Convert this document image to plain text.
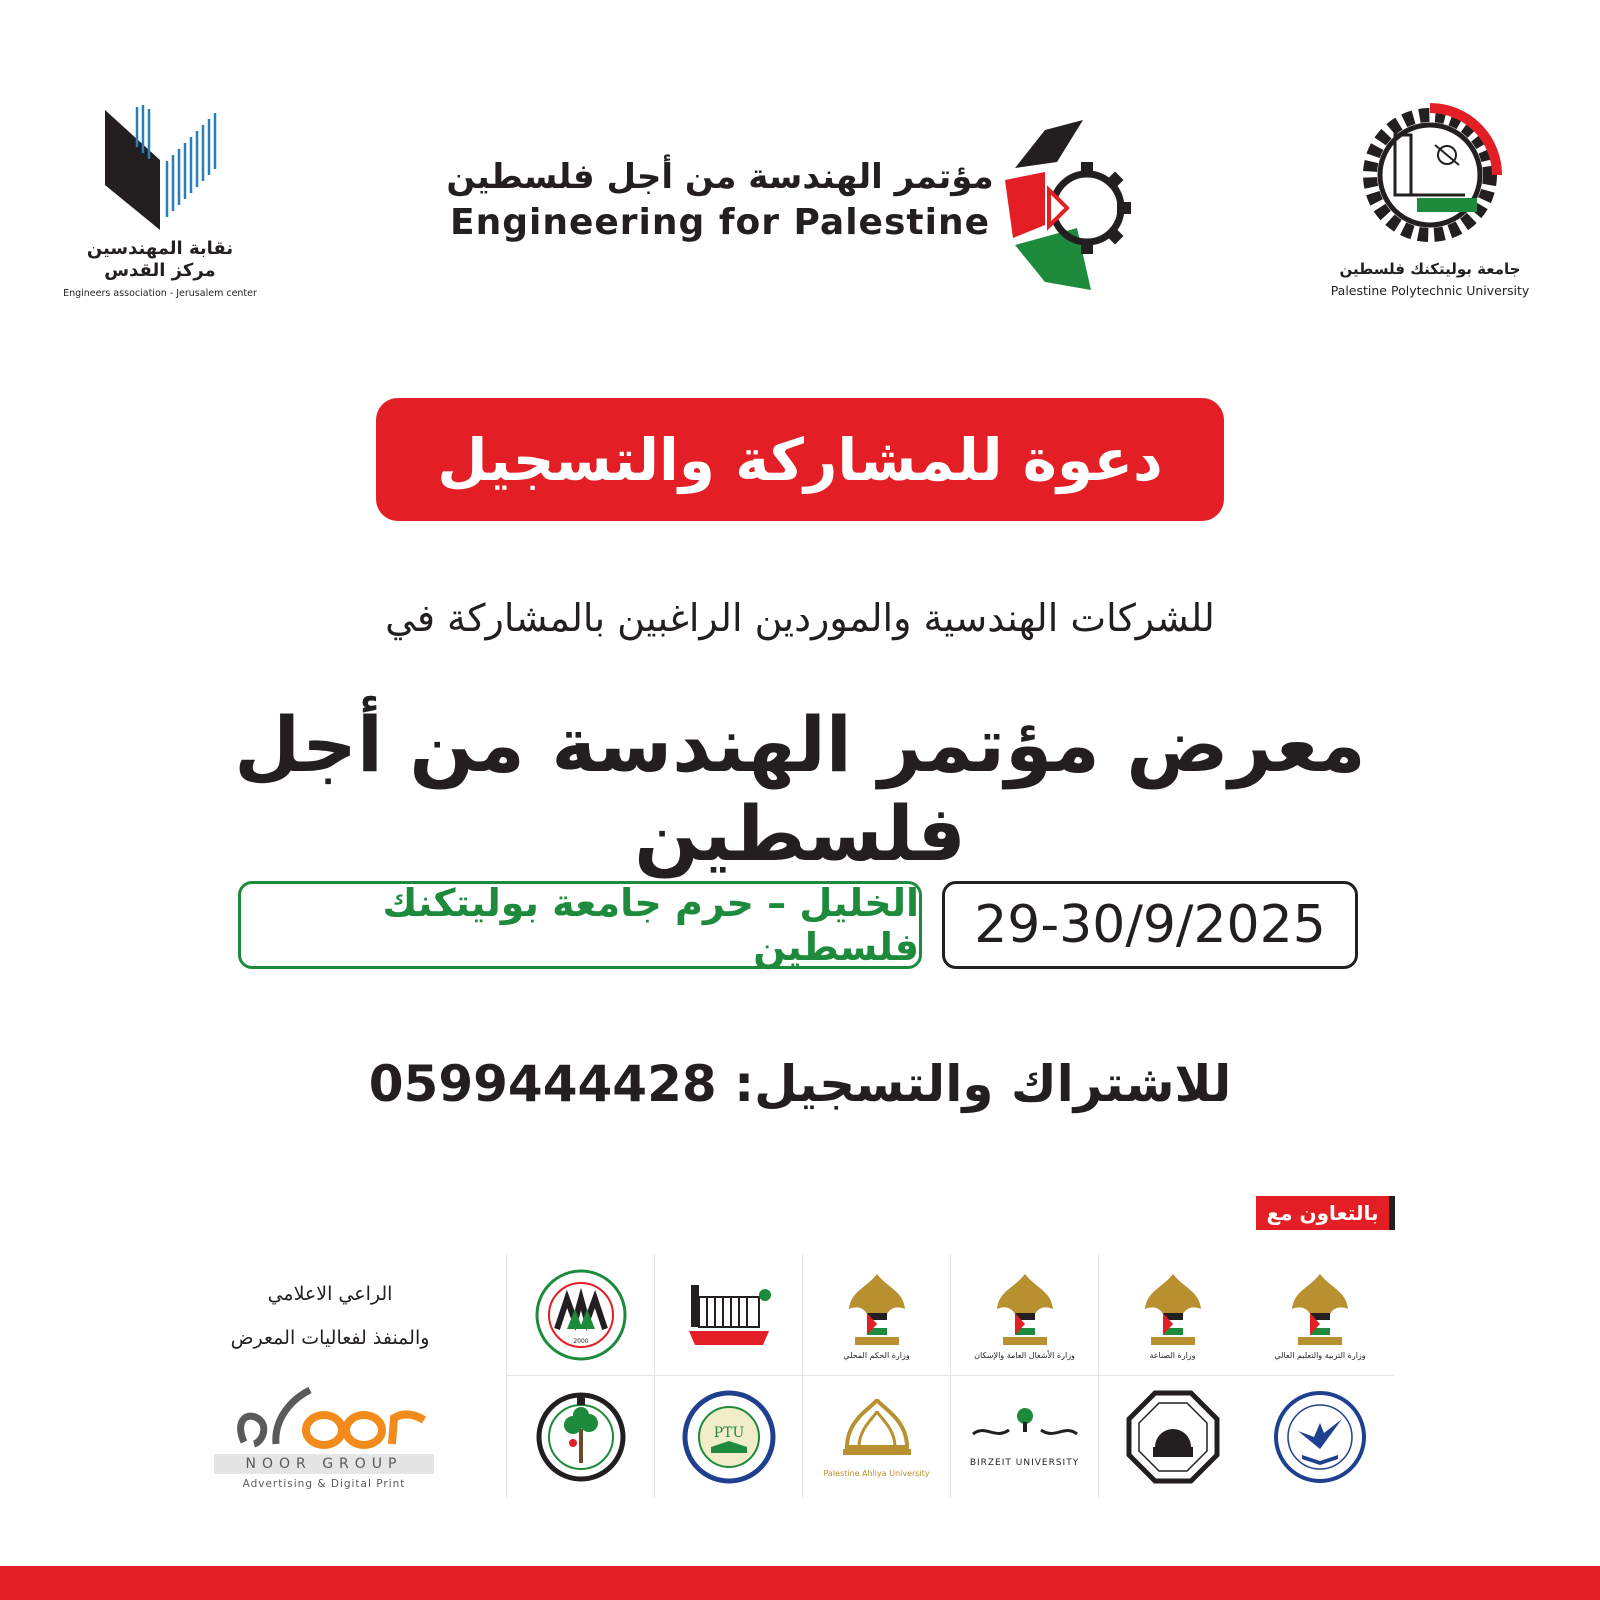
نقابة المهندسين
مركز القدس
Engineers association - Jerusalem center
مؤتمر الهندسة من أجل فلسطين
Engineering for Palestine
جامعة بوليتكنك فلسطين
Palestine Polytechnic University
دعوة للمشاركة والتسجيل
للشركات الهندسية والموردين الراغبين بالمشاركة في
معرض مؤتمر الهندسة من أجل فلسطين
الخليل – حرم جامعة بوليتكنك فلسطين	29-30/9/2025
للاشتراك والتسجيل: 0599444428
بالتعاون مع
وزارة التربية والتعليم العالي
وزارة الصناعة
وزارة الأشغال العامة والإسكان
وزارة الحكم المحلي
2000
BIRZEIT UNIVERSITY
Palestine Ahliya University
PTU
الراعي الاعلامي
والمنفذ لفعاليات المعرض
NOOR GROUP
Advertising & Digital Print
